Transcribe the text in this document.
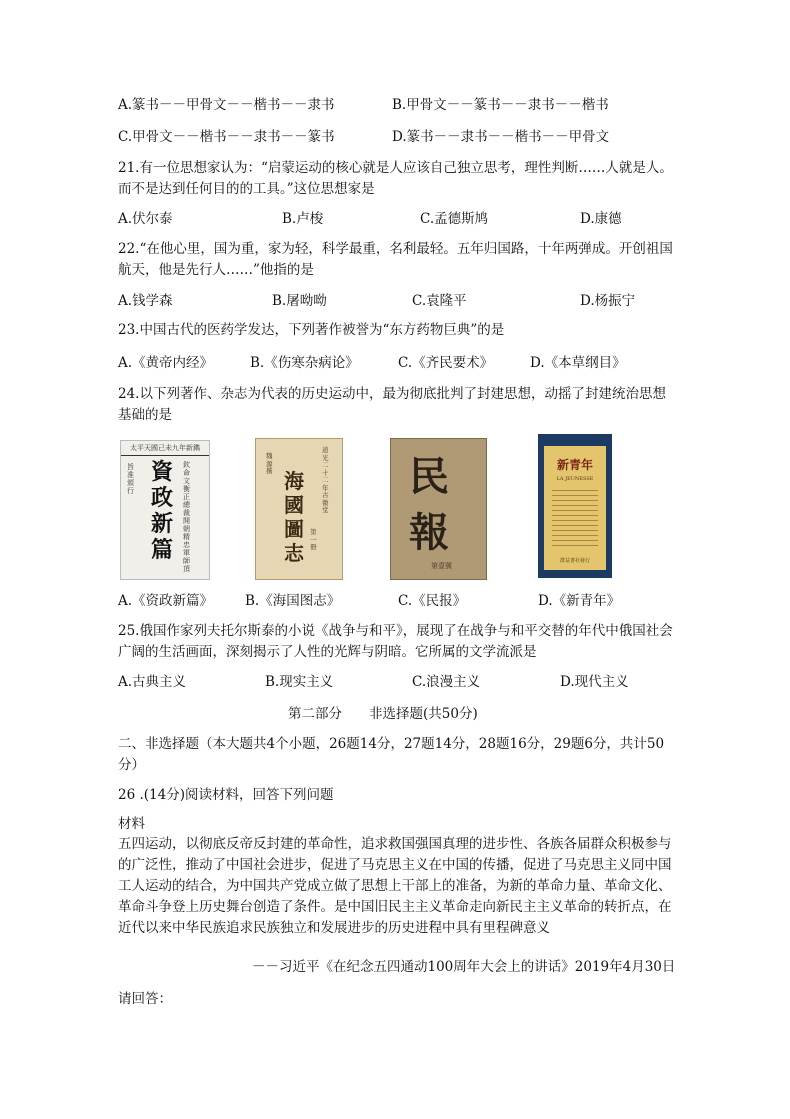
A.篆书－－甲骨文－－楷书－－隶书	B.甲骨文－－篆书－－隶书－－楷书
C.甲骨文－－楷书－－隶书－－篆书	D.篆书－－隶书－－楷书－－甲骨文
21.有一位思想家认为：“启蒙运动的核心就是人应该自己独立思考，理性判断……人就是人。而不是达到任何目的的工具。”这位思想家是
A.伏尔泰	B.卢梭	C.孟德斯鸠	D.康德
22.“在他心里，国为重，家为轻，科学最重，名利最轻。五年归国路，十年两弹成。开创祖国航天，他是先行人……”他指的是
A.钱学森	B.屠呦呦	C.袁隆平	D.杨振宁
23.中国古代的医药学发达，下列著作被誉为“东方药物巨典”的是
A.《黄帝内经》	B.《伤寒杂病论》	C.《齐民要术》	D.《本草纲目》
24.以下列著作、杂志为代表的历史运动中，最为彻底批判了封建思想，动摇了封建统治思想基础的是
太平天國己未九年新鐫
旨准頒行
資政新篇
欽命文衡正總裁開朝精忠軍師頂
道光二十二年古微堂
海國圖志
魏源撰
第一冊
民報
第壹號
新青年
LA JEUNESSE
群益書社發行
A.《资政新篇》 B.《海国图志》	C.《民报》	D.《新青年》
25.俄国作家列夫托尔斯泰的小说《战争与和平》，展现了在战争与和平交替的年代中俄国社会广阔的生活画面，深刻揭示了人性的光辉与阴暗。它所属的文学流派是
A.古典主义	B.现实主义	C.浪漫主义	D.现代主义
第二部分　　非选择题(共50分)
二、非选择题（本大题共4个小题，26题14分，27题14分，28题16分，29题6分，共计50分）
26 .(14分)阅读材料，回答下列问题
材料
五四运动，以彻底反帝反封建的革命性，追求救国强国真理的进步性、各族各届群众积极参与的广泛性，推动了中国社会进步，促进了马克思主义在中国的传播，促进了马克思主义同中国工人运动的结合，为中国共产党成立做了思想上干部上的准备，为新的革命力量、革命文化、革命斗争登上历史舞台创造了条件。是中国旧民主主义革命走向新民主主义革命的转折点，在近代以来中华民族追求民族独立和发展进步的历史进程中具有里程碑意义
－－习近平《在纪念五四通动100周年大会上的讲话》2019年4月30日
请回答：
